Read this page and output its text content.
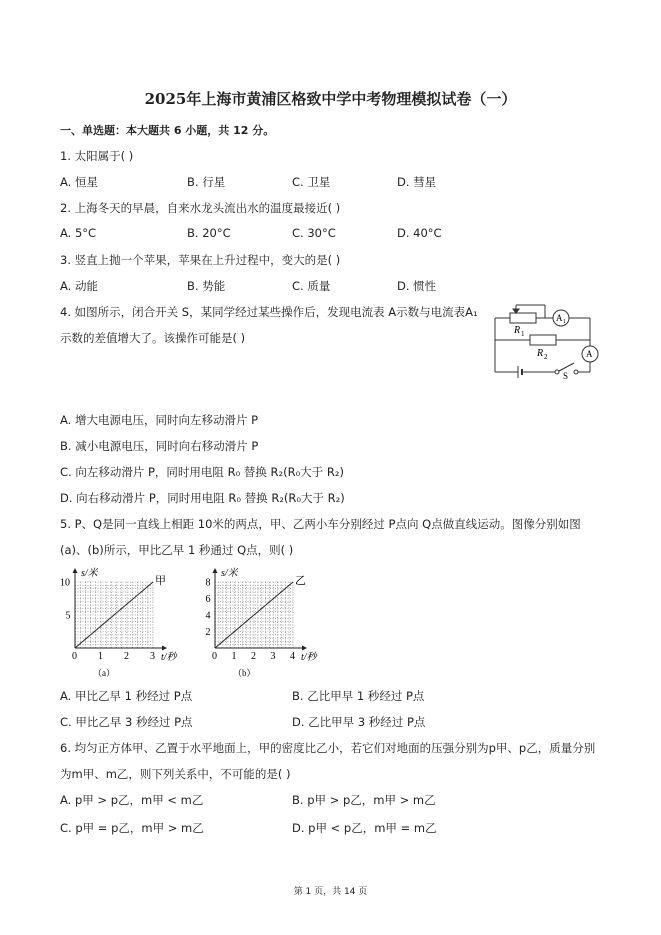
2025年上海市黄浦区格致中学中考物理模拟试卷（一）
一、单选题：本大题共 6 小题，共 12 分。
1. 太阳属于( )
A. 恒星	B. 行星	C. 卫星	D. 彗星
2. 上海冬天的早晨，自来水龙头流出水的温度最接近( )
A. 5°C	B. 20°C	C. 30°C	D. 40°C
3. 竖直上抛一个苹果，苹果在上升过程中，变大的是( )
A. 动能	B. 势能	C. 质量	D. 惯性
4. 如图所示，闭合开关 S，某同学经过某些操作后，发现电流表 A示数与电流表A₁
示数的差值增大了。该操作可能是( )
R 1
R 2
A 1
A
S
A. 增大电源电压，同时向左移动滑片 P
B. 减小电源电压，同时向右移动滑片 P
C. 向左移动滑片 P，同时用电阻 R₀ 替换 R₂(R₀大于 R₂)
D. 向右移动滑片 P，同时用电阻 R₀ 替换 R₂(R₀大于 R₂)
5. P、Q是同一直线上相距 10米的两点，甲、乙两小车分别经过 P点向 Q点做直线运动。图像分别如图
(a)、(b)所示，甲比乙早 1 秒通过 Q点，则( )
0 1 2 3
5
10
s/米
t/秒
甲
（a）
0 1 2 3 4
2
4
6
8
s/米
t/秒
乙
（b）
A. 甲比乙早 1 秒经过 P点	B. 乙比甲早 1 秒经过 P点
C. 甲比乙早 3 秒经过 P点	D. 乙比甲早 3 秒经过 P点
6. 均匀正方体甲、乙置于水平地面上，甲的密度比乙小，若它们对地面的压强分别为p甲、p乙，质量分别
为m甲、m乙，则下列关系中，不可能的是( )
A. p甲 > p乙，m甲 < m乙	B. p甲 > p乙，m甲 > m乙
C. p甲 = p乙，m甲 > m乙	D. p甲 < p乙，m甲 = m乙
第 1 页，共 14 页
